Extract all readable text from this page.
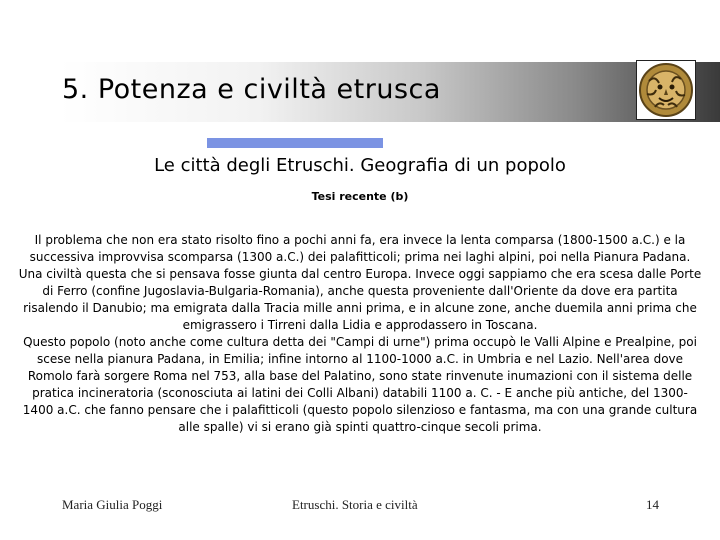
5. Potenza e civiltà etrusca
Le città degli Etruschi. Geografia di un popolo
Tesi recente (b)

Il problema che non era stato risolto fino a pochi anni fa, era invece la lenta comparsa (1800-1500 a.C.) e la successiva improvvisa scomparsa (1300 a.C.) dei palafitticoli; prima nei laghi alpini, poi nella Pianura Padana. Una civiltà questa che si pensava fosse giunta dal centro Europa. Invece oggi sappiamo che era scesa dalle Porte di Ferro (confine Jugoslavia-Bulgaria-Romania), anche questa proveniente dall'Oriente da dove era partita risalendo il Danubio; ma emigrata dalla Tracia mille anni prima, e in alcune zone, anche duemila anni prima che emigrassero i Tirreni dalla Lidia e approdassero in Toscana.

Questo popolo (noto anche come cultura detta dei "Campi di urne") prima occupò le Valli Alpine e Prealpine, poi scese nella pianura Padana, in Emilia; infine intorno al 1100-1000 a.C. in Umbria e nel Lazio. Nell'area dove Romolo farà sorgere Roma nel 753, alla base del Palatino, sono state rinvenute inumazioni con il sistema delle pratica incineratoria (sconosciuta ai latini dei Colli Albani) databili 1100 a. C. - E anche più antiche, del 1300-1400 a.C. che fanno pensare che i palafitticoli (questo popolo silenzioso e fantasma, ma con una grande cultura alle spalle) vi si erano già spinti quattro-cinque secoli prima.

Maria Giulia Poggi	Etruschi. Storia e civiltà	14
